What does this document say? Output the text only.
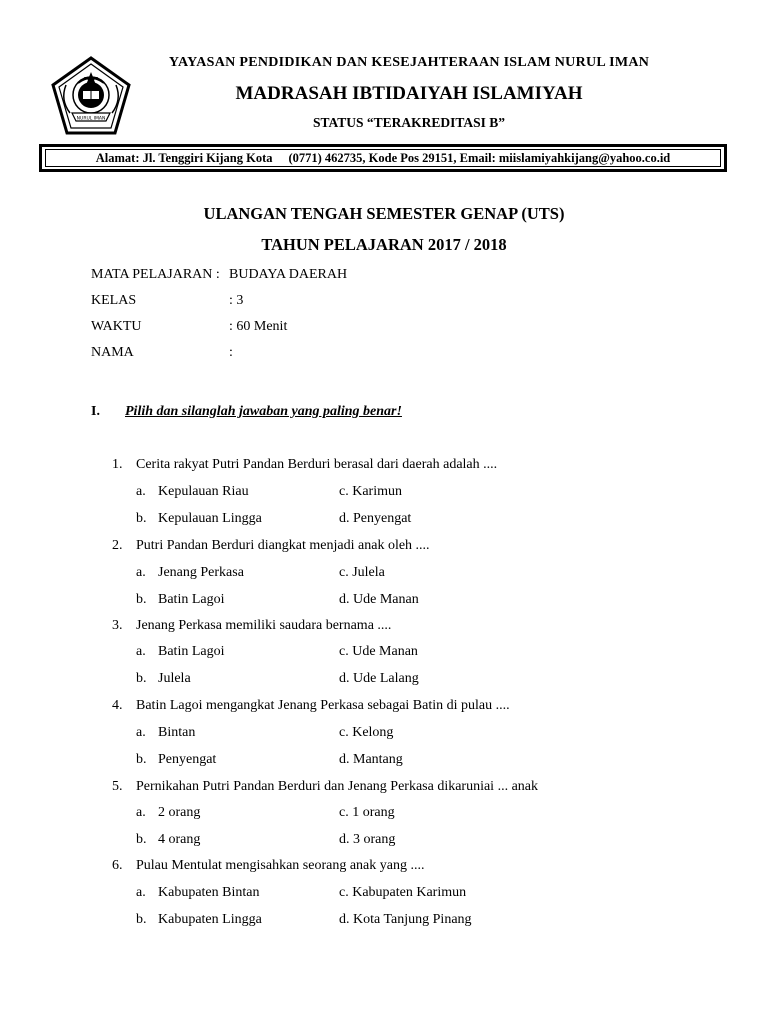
NURUL IMAN
YAYASAN PENDIDIKAN DAN KESEJAHTERAAN ISLAM NURUL IMAN
MADRASAH IBTIDAIYAH ISLAMIYAH
STATUS “TERAKREDITASI B”
Alamat: Jl. Tenggiri Kijang Kota (0771) 462735, Kode Pos 29151, Email: miislamiyahkijang@yahoo.co.id
ULANGAN TENGAH SEMESTER GENAP (UTS)
TAHUN PELAJARAN 2017 / 2018
MATA PELAJARAN : BUDAYA DAERAH
KELAS	: 3
WAKTU	: 60 Menit
NAMA	:
I. Pilih dan silanglah jawaban yang paling benar!
1. Cerita rakyat Putri Pandan Berduri berasal dari daerah adalah ....
a. Kepulauan Riau	c. Karimun
b. Kepulauan Lingga	d. Penyengat
2. Putri Pandan Berduri diangkat menjadi anak oleh ....
a. Jenang Perkasa	c. Julela
b. Batin Lagoi	d. Ude Manan
3. Jenang Perkasa memiliki saudara bernama ....
a. Batin Lagoi	c. Ude Manan
b. Julela	d. Ude Lalang
4. Batin Lagoi mengangkat Jenang Perkasa sebagai Batin di pulau ....
a. Bintan	c. Kelong
b. Penyengat	d. Mantang
5. Pernikahan Putri Pandan Berduri dan Jenang Perkasa dikaruniai ... anak
a. 2 orang	c. 1 orang
b. 4 orang	d. 3 orang
6. Pulau Mentulat mengisahkan seorang anak yang ....
a. Kabupaten Bintan	c. Kabupaten Karimun
b. Kabupaten Lingga	d. Kota Tanjung Pinang
